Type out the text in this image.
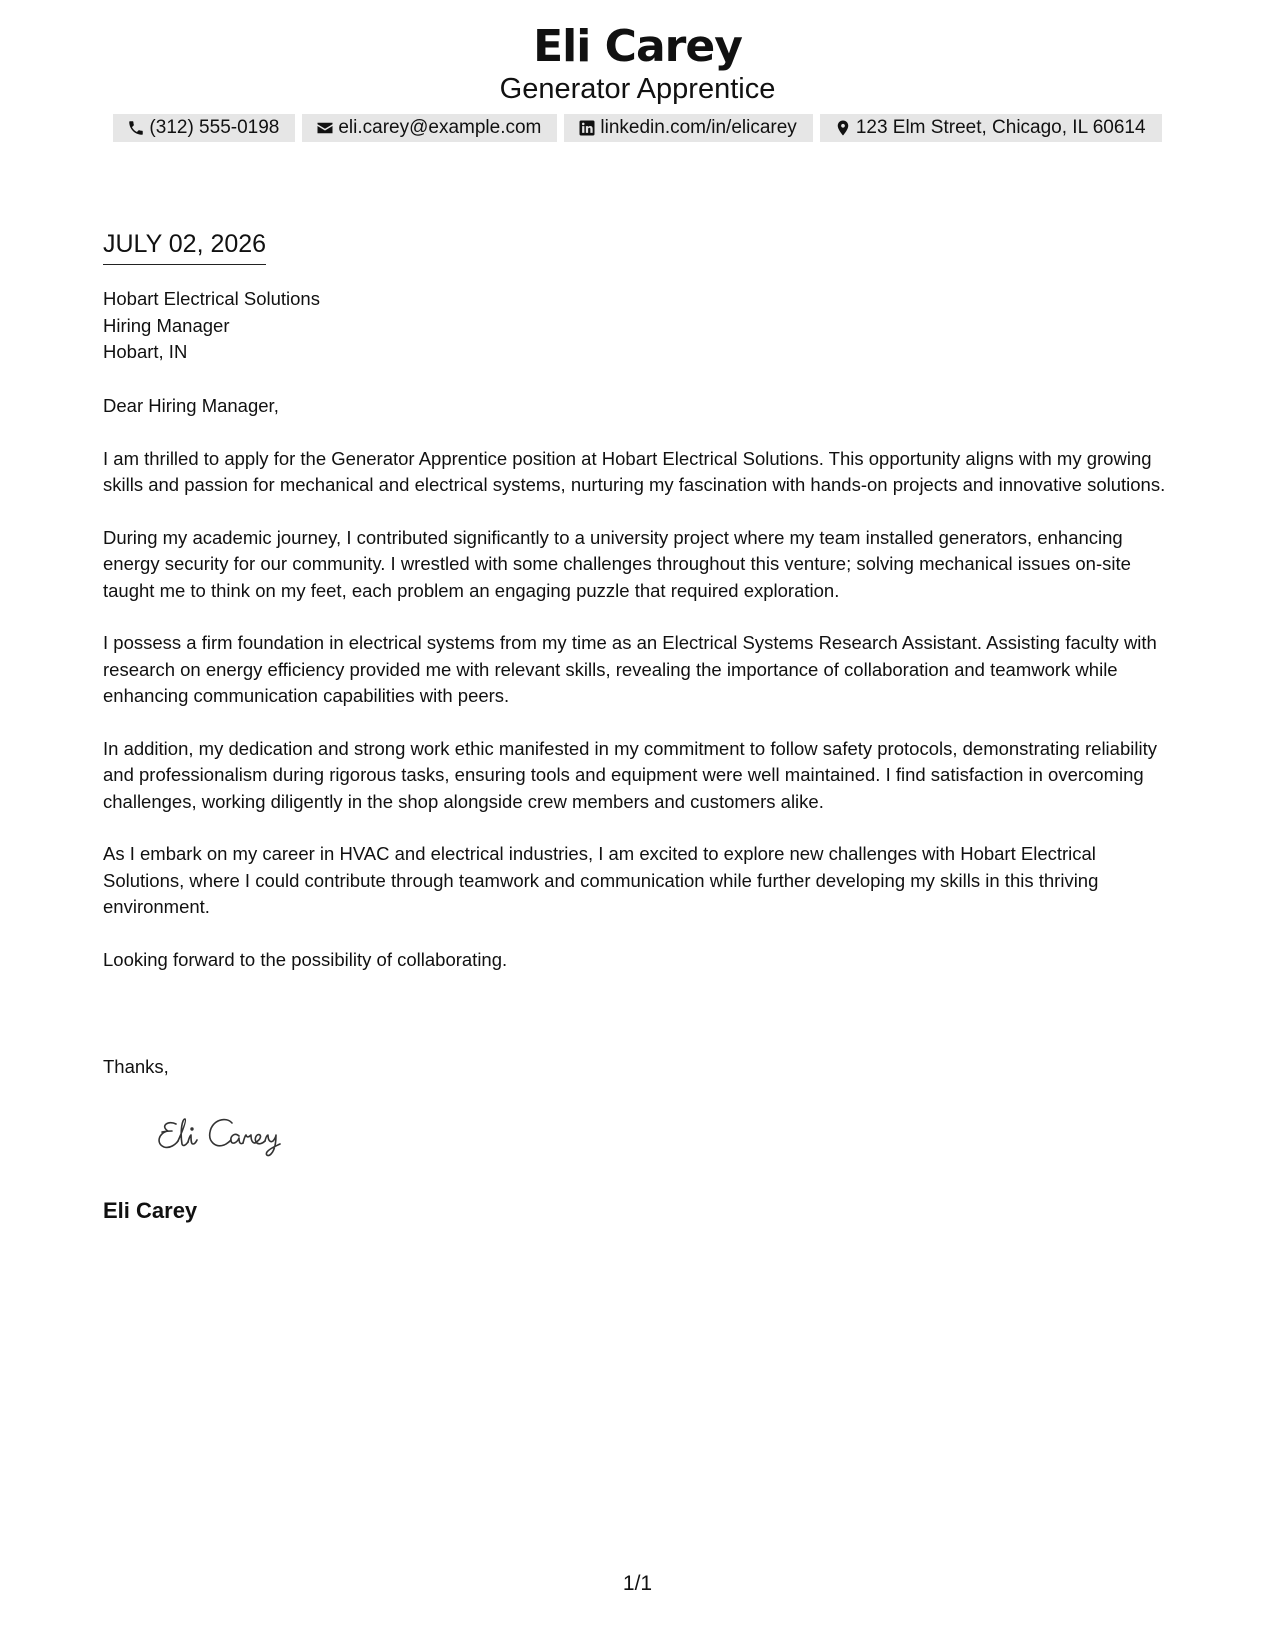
Eli Carey
Generator Apprentice
(312) 555-0198	eli.carey@example.com	linkedin.com/in/elicarey	123 Elm Street, Chicago, IL 60614
JULY 02, 2026
Hobart Electrical Solutions
Hiring Manager
Hobart, IN

Dear Hiring Manager,

I am thrilled to apply for the Generator Apprentice position at Hobart Electrical Solutions. This opportunity aligns with my growing skills and passion for mechanical and electrical systems, nurturing my fascination with hands-on projects and innovative solutions.

During my academic journey, I contributed significantly to a university project where my team installed generators, enhancing energy security for our community. I wrestled with some challenges throughout this venture; solving mechanical issues on-site taught me to think on my feet, each problem an engaging puzzle that required exploration.

I possess a firm foundation in electrical systems from my time as an Electrical Systems Research Assistant. Assisting faculty with research on energy efficiency provided me with relevant skills, revealing the importance of collaboration and teamwork while enhancing communication capabilities with peers.

In addition, my dedication and strong work ethic manifested in my commitment to follow safety protocols, demonstrating reliability and professionalism during rigorous tasks, ensuring tools and equipment were well maintained. I find satisfaction in overcoming challenges, working diligently in the shop alongside crew members and customers alike.

As I embark on my career in HVAC and electrical industries, I am excited to explore new challenges with Hobart Electrical Solutions, where I could contribute through teamwork and communication while further developing my skills in this thriving environment.

Looking forward to the possibility of collaborating.

Thanks,
Eli Carey
1/1
